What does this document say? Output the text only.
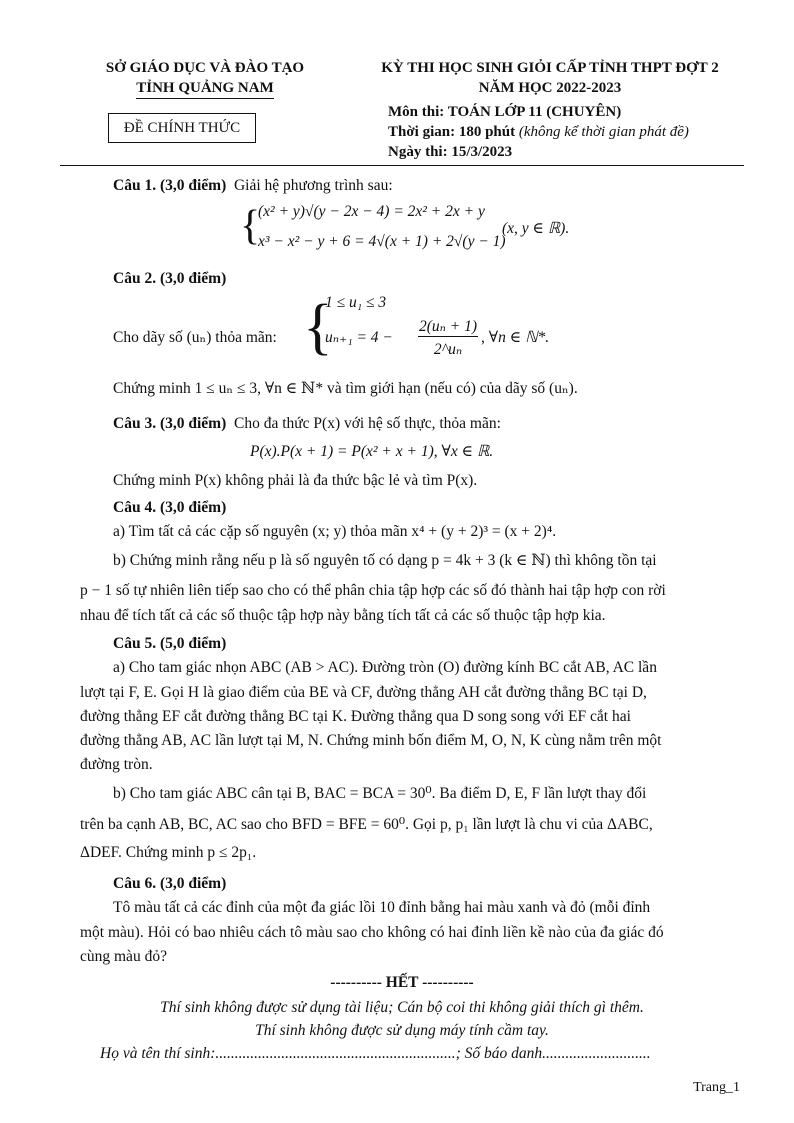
SỞ GIÁO DỤC VÀ ĐÀO TẠO
TỈNH QUẢNG NAM
ĐỀ CHÍNH THỨC
KỲ THI HỌC SINH GIỎI CẤP TỈNH THPT ĐỢT 2
NĂM HỌC 2022-2023
Môn thi: TOÁN LỚP 11 (CHUYÊN)
Thời gian: 180 phút (không kể thời gian phát đề)
Ngày thi: 15/3/2023
Câu 1. (3,0 điểm) Giải hệ phương trình sau:
{
(x² + y)√(y − 2x − 4) = 2x² + 2x + y
x³ − x² − y + 6 = 4√(x + 1) + 2√(y − 1)
(x, y ∈ ℝ).
Câu 2. (3,0 điểm)
Cho dãy số (uₙ) thỏa mãn: {
1 ≤ u₁ ≤ 3
uₙ₊₁ = 4 −
2(uₙ + 1)
2^uₙ
, ∀n ∈ ℕ*.
Chứng minh 1 ≤ uₙ ≤ 3, ∀n ∈ ℕ* và tìm giới hạn (nếu có) của dãy số (uₙ).
Câu 3. (3,0 điểm) Cho đa thức P(x) với hệ số thực, thỏa mãn:
P(x).P(x + 1) = P(x² + x + 1), ∀x ∈ ℝ.
Chứng minh P(x) không phải là đa thức bậc lẻ và tìm P(x).
Câu 4. (3,0 điểm)
a) Tìm tất cả các cặp số nguyên (x; y) thỏa mãn x⁴ + (y + 2)³ = (x + 2)⁴.
b) Chứng minh rằng nếu p là số nguyên tố có dạng p = 4k + 3 (k ∈ ℕ) thì không tồn tại
p − 1 số tự nhiên liên tiếp sao cho có thể phân chia tập hợp các số đó thành hai tập hợp con rời
nhau để tích tất cả các số thuộc tập hợp này bằng tích tất cả các số thuộc tập hợp kia.
Câu 5. (5,0 điểm)
a) Cho tam giác nhọn ABC (AB > AC). Đường tròn (O) đường kính BC cắt AB, AC lần
lượt tại F, E. Gọi H là giao điểm của BE và CF, đường thẳng AH cắt đường thẳng BC tại D,
đường thẳng EF cắt đường thẳng BC tại K. Đường thẳng qua D song song với EF cắt hai
đường thẳng AB, AC lần lượt tại M, N. Chứng minh bốn điểm M, O, N, K cùng nằm trên một
đường tròn.
b) Cho tam giác ABC cân tại B, BAC = BCA = 30⁰. Ba điểm D, E, F lần lượt thay đổi
trên ba cạnh AB, BC, AC sao cho BFD = BFE = 60⁰. Gọi p, p₁ lần lượt là chu vi của ΔABC,
ΔDEF. Chứng minh p ≤ 2p₁.
Câu 6. (3,0 điểm)
Tô màu tất cả các đỉnh của một đa giác lồi 10 đỉnh bằng hai màu xanh và đỏ (mỗi đỉnh
một màu). Hỏi có bao nhiêu cách tô màu sao cho không có hai đỉnh liền kề nào của đa giác đó
cùng màu đỏ?
---------- HẾT ----------
Thí sinh không được sử dụng tài liệu; Cán bộ coi thi không giải thích gì thêm.
Thí sinh không được sử dụng máy tính cầm tay.
Họ và tên thí sinh:..............................................................; Số báo danh............................
Trang_1
